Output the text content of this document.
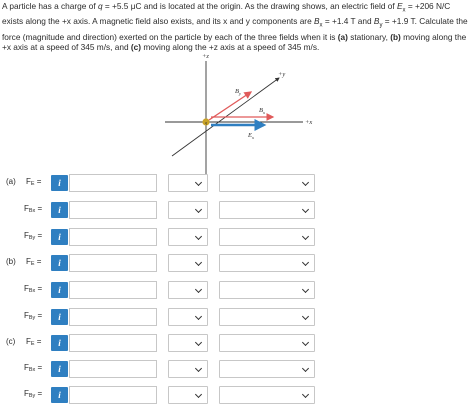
A particle has a charge of q = +5.5 μC and is located at the origin. As the drawing shows, an electric field of $E_x = +206$ N/C exists along the +x axis. A magnetic field also exists, and its x and y components are $B_x = +1.4$ T and $B_y = +1.9$ T. Calculate the force (magnitude and direction) exerted on the particle by each of the three fields when it is (a) stationary, (b) moving along the +x axis at a speed of 345 m/s, and (c) moving along the +z axis at a speed of 345 m/s.
q
+z
+y
+x
$B_y$
$B_x$
$E_x$
(a) $F_E$ =	i
$F_{Bx}$ =	i
$F_{By}$ =	i
(b) $F_E$ =	i
$F_{Bx}$ =	i
$F_{By}$ =	i
(c) $F_E$ =	i
$F_{Bx}$ =	i
$F_{By}$ =	i
